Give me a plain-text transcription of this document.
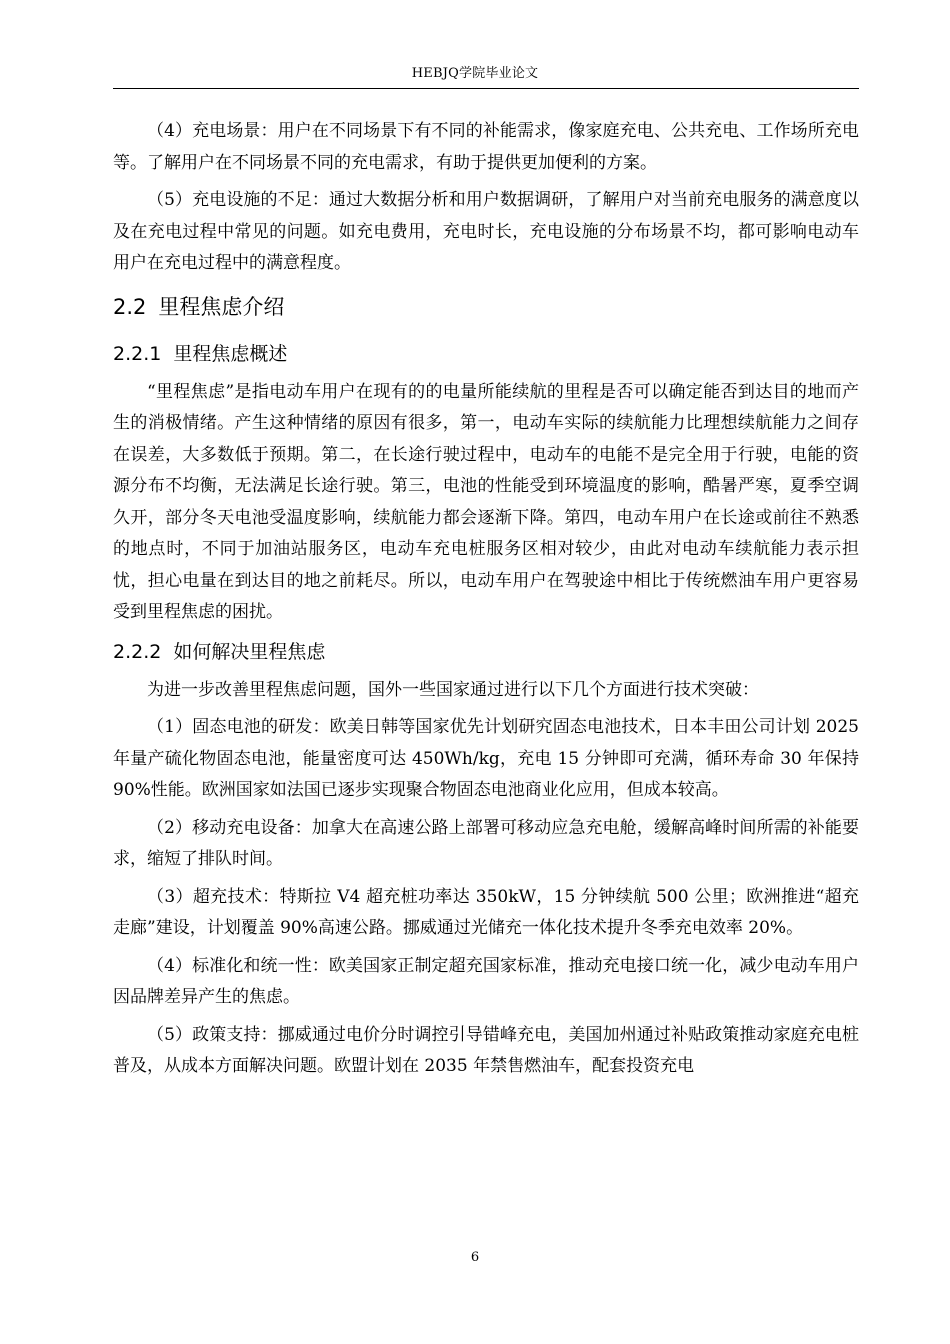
HEBJQ学院毕业论文

（4）充电场景：用户在不同场景下有不同的补能需求，像家庭充电、公共充电、工作场所充电等。了解用户在不同场景不同的充电需求，有助于提供更加便利的方案。

（5）充电设施的不足：通过大数据分析和用户数据调研，了解用户对当前充电服务的满意度以及在充电过程中常见的问题。如充电费用，充电时长，充电设施的分布场景不均，都可影响电动车用户在充电过程中的满意程度。

2.2 里程焦虑介绍
2.2.1 里程焦虑概述

“里程焦虑”是指电动车用户在现有的的电量所能续航的里程是否可以确定能否到达目的地而产生的消极情绪。产生这种情绪的原因有很多，第一，电动车实际的续航能力比理想续航能力之间存在误差，大多数低于预期。第二，在长途行驶过程中，电动车的电能不是完全用于行驶，电能的资源分布不均衡，无法满足长途行驶。第三，电池的性能受到环境温度的影响，酷暑严寒，夏季空调久开，部分冬天电池受温度影响，续航能力都会逐渐下降。第四，电动车用户在长途或前往不熟悉的地点时，不同于加油站服务区，电动车充电桩服务区相对较少，由此对电动车续航能力表示担忧，担心电量在到达目的地之前耗尽。所以，电动车用户在驾驶途中相比于传统燃油车用户更容易受到里程焦虑的困扰。

2.2.2 如何解决里程焦虑

为进一步改善里程焦虑问题，国外一些国家通过进行以下几个方面进行技术突破：

（1）固态电池的研发：欧美日韩等国家优先计划研究固态电池技术，日本丰田公司计划 2025 年量产硫化物固态电池，能量密度可达 450Wh/kg，充电 15 分钟即可充满，循环寿命 30 年保持 90%性能。欧洲国家如法国已逐步实现聚合物固态电池商业化应用，但成本较高。

（2）移动充电设备：加拿大在高速公路上部署可移动应急充电舱，缓解高峰时间所需的补能要求，缩短了排队时间。

（3）超充技术：特斯拉 V4 超充桩功率达 350kW，15 分钟续航 500 公里；欧洲推进“超充走廊”建设，计划覆盖 90%高速公路。挪威通过光储充一体化技术提升冬季充电效率 20%。

（4）标准化和统一性：欧美国家正制定超充国家标准，推动充电接口统一化，减少电动车用户因品牌差异产生的焦虑。

（5）政策支持：挪威通过电价分时调控引导错峰充电，美国加州通过补贴政策推动家庭充电桩普及，从成本方面解决问题。欧盟计划在 2035 年禁售燃油车，配套投资充电

6
